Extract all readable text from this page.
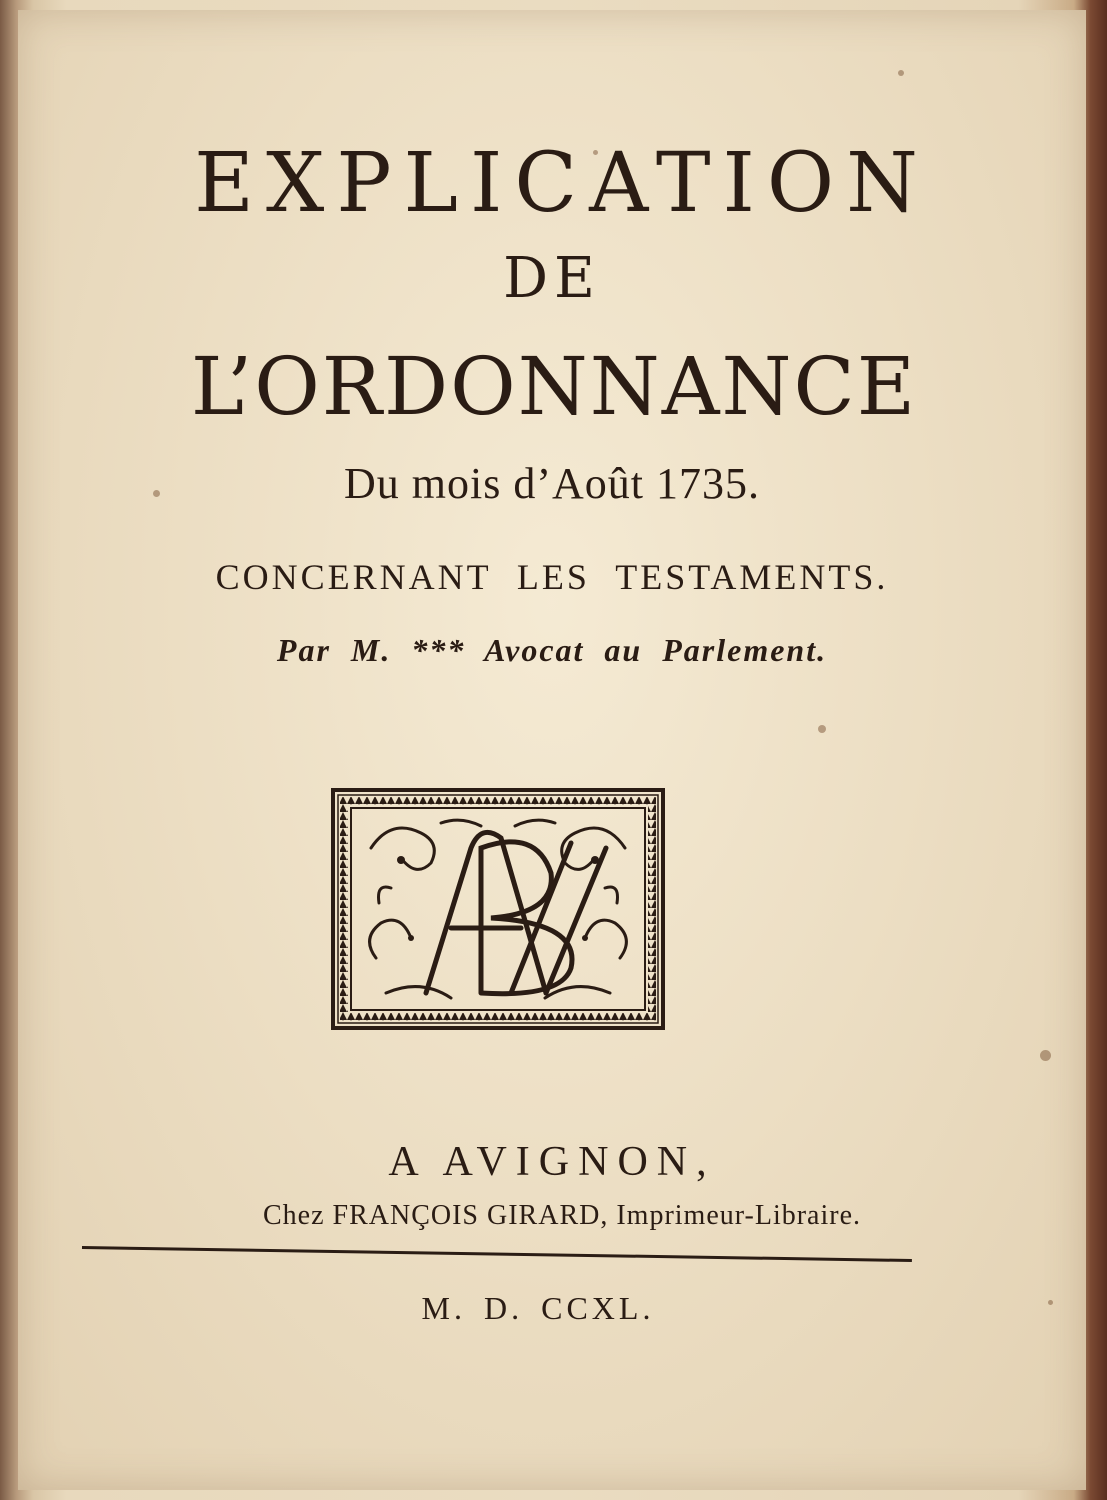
EXPLICATION
DE
L’ORDONNANCE
Du mois d’Août 1735.
CONCERNANT LES TESTAMENTS.
Par M. *** Avocat au Parlement.
A AVIGNON,
Chez FRANÇOIS GIRARD, Imprimeur-Libraire.
M. D. CCXL.
